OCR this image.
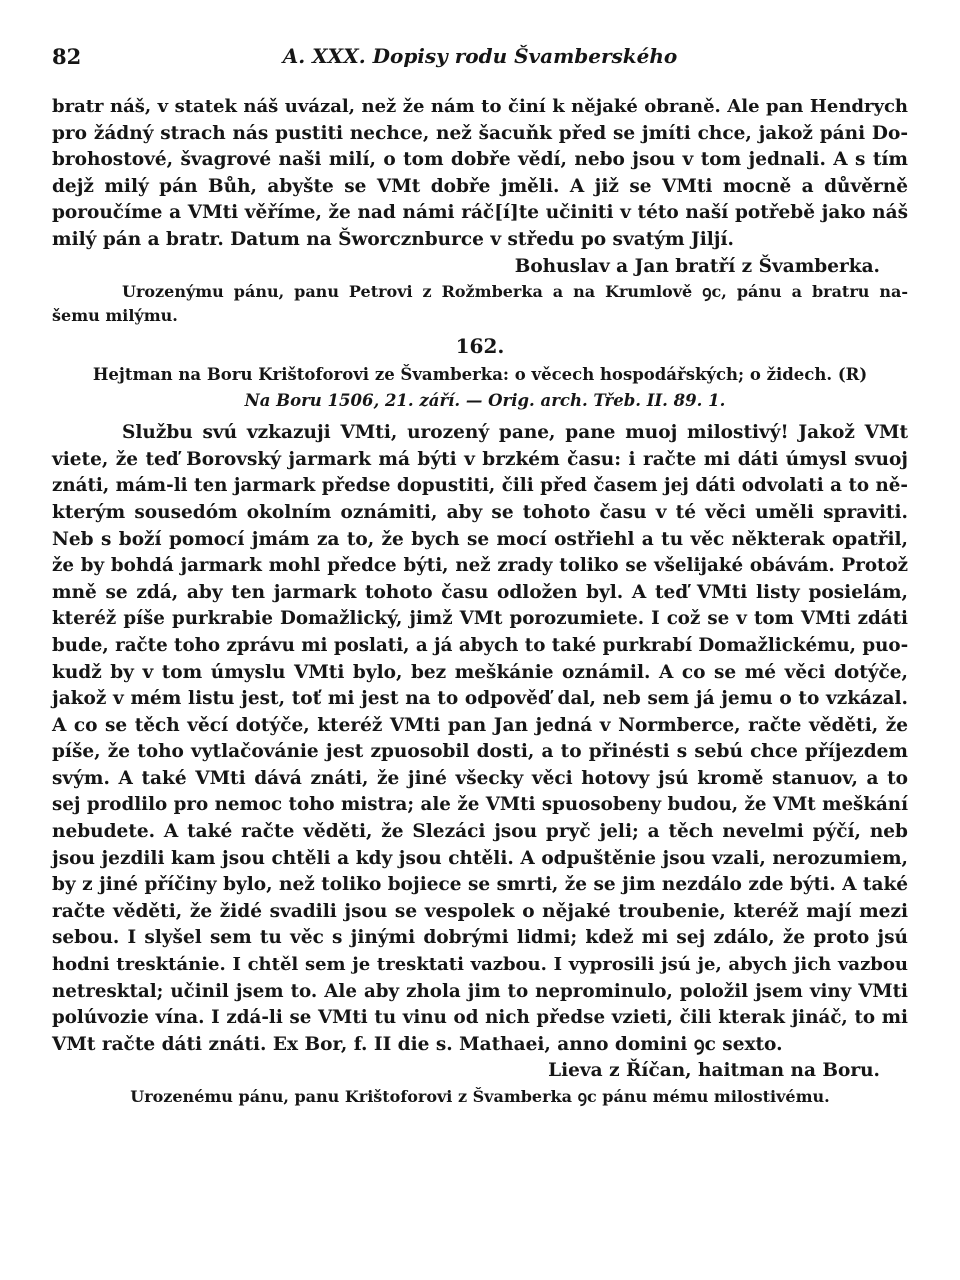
82	A. XXX. Dopisy rodu Švamberského
bratr náš, v statek náš uvázal, než že nám to činí k nějaké obraně. Ale pan Hendrych
pro žádný strach nás pustiti nechce, než šacuňk před se jmíti chce, jakož páni Do-
brohostové, švagrové naši milí, o tom dobře vědí, nebo jsou v tom jednali. A s tím
dejž milý pán Bůh, abyšte se VMt dobře jměli. A již se VMti mocně a důvěrně
poroučíme a VMti věříme, že nad námi ráč[í]te učiniti v této naší potřebě jako náš
milý pán a bratr. Datum na Šworcznburce v středu po svatým Jiljí.
Bohuslav a Jan bratří z Švamberka.
Urozenýmu pánu, panu Petrovi z Rožmberka a na Krumlově ꝯc, pánu a bratru na-
šemu milýmu.
162.
Hejtman na Boru Krištoforovi ze Švamberka: o věcech hospodářských; o židech. (R)
Na Boru 1506, 21. září. — Orig. arch. Třeb. II. 89. 1.
Službu svú vzkazuji VMti, urozený pane, pane muoj milostivý! Jakož VMt
viete, že teď Borovský jarmark má býti v brzkém času: i račte mi dáti úmysl svuoj
znáti, mám-li ten jarmark předse dopustiti, čili před časem jej dáti odvolati a to ně-
kterým sousedóm okolním oznámiti, aby se tohoto času v té věci uměli spraviti.
Neb s boží pomocí jmám za to, že bych se mocí ostřiehl a tu věc některak opatřil,
že by bohdá jarmark mohl předce býti, než zrady toliko se všelijaké obávám. Protož
mně se zdá, aby ten jarmark tohoto času odložen byl. A teď VMti listy posielám,
kteréž píše purkrabie Domažlický, jimž VMt porozumiete. I což se v tom VMti zdáti
bude, račte toho zprávu mi poslati, a já abych to také purkrabí Domažlickému, puo-
kudž by v tom úmyslu VMti bylo, bez meškánie oznámil. A co se mé věci dotýče,
jakož v mém listu jest, toť mi jest na to odpověď dal, neb sem já jemu o to vzkázal.
A co se těch věcí dotýče, kteréž VMti pan Jan jedná v Normberce, račte věděti, že
píše, že toho vytlačovánie jest zpuosobil dosti, a to přinésti s sebú chce příjezdem
svým. A také VMti dává znáti, že jiné všecky věci hotovy jsú kromě stanuov, a to
sej prodlilo pro nemoc toho mistra; ale že VMti spuosobeny budou, že VMt meškání
nebudete. A také račte věděti, že Slezáci jsou pryč jeli; a těch nevelmi pýčí, neb
jsou jezdili kam jsou chtěli a kdy jsou chtěli. A odpuštěnie jsou vzali, nerozumiem,
by z jiné příčiny bylo, než toliko bojiece se smrti, že se jim nezdálo zde býti. A také
račte věděti, že židé svadili jsou se vespolek o nějaké troubenie, kteréž mají mezi
sebou. I slyšel sem tu věc s jinými dobrými lidmi; kdež mi sej zdálo, že proto jsú
hodni tresktánie. I chtěl sem je tresktati vazbou. I vyprosili jsú je, abych jich vazbou
netresktal; učinil jsem to. Ale aby zhola jim to neprominulo, položil jsem viny VMti
polúvozie vína. I zdá-li se VMti tu vinu od nich předse vzieti, čili kterak jináč, to mi
VMt račte dáti znáti. Ex Bor, f. II die s. Mathaei, anno domini ꝯc sexto.
Lieva z Říčan, haitman na Boru.
Urozenému pánu, panu Krištoforovi z Švamberka ꝯc pánu mému milostivému.
